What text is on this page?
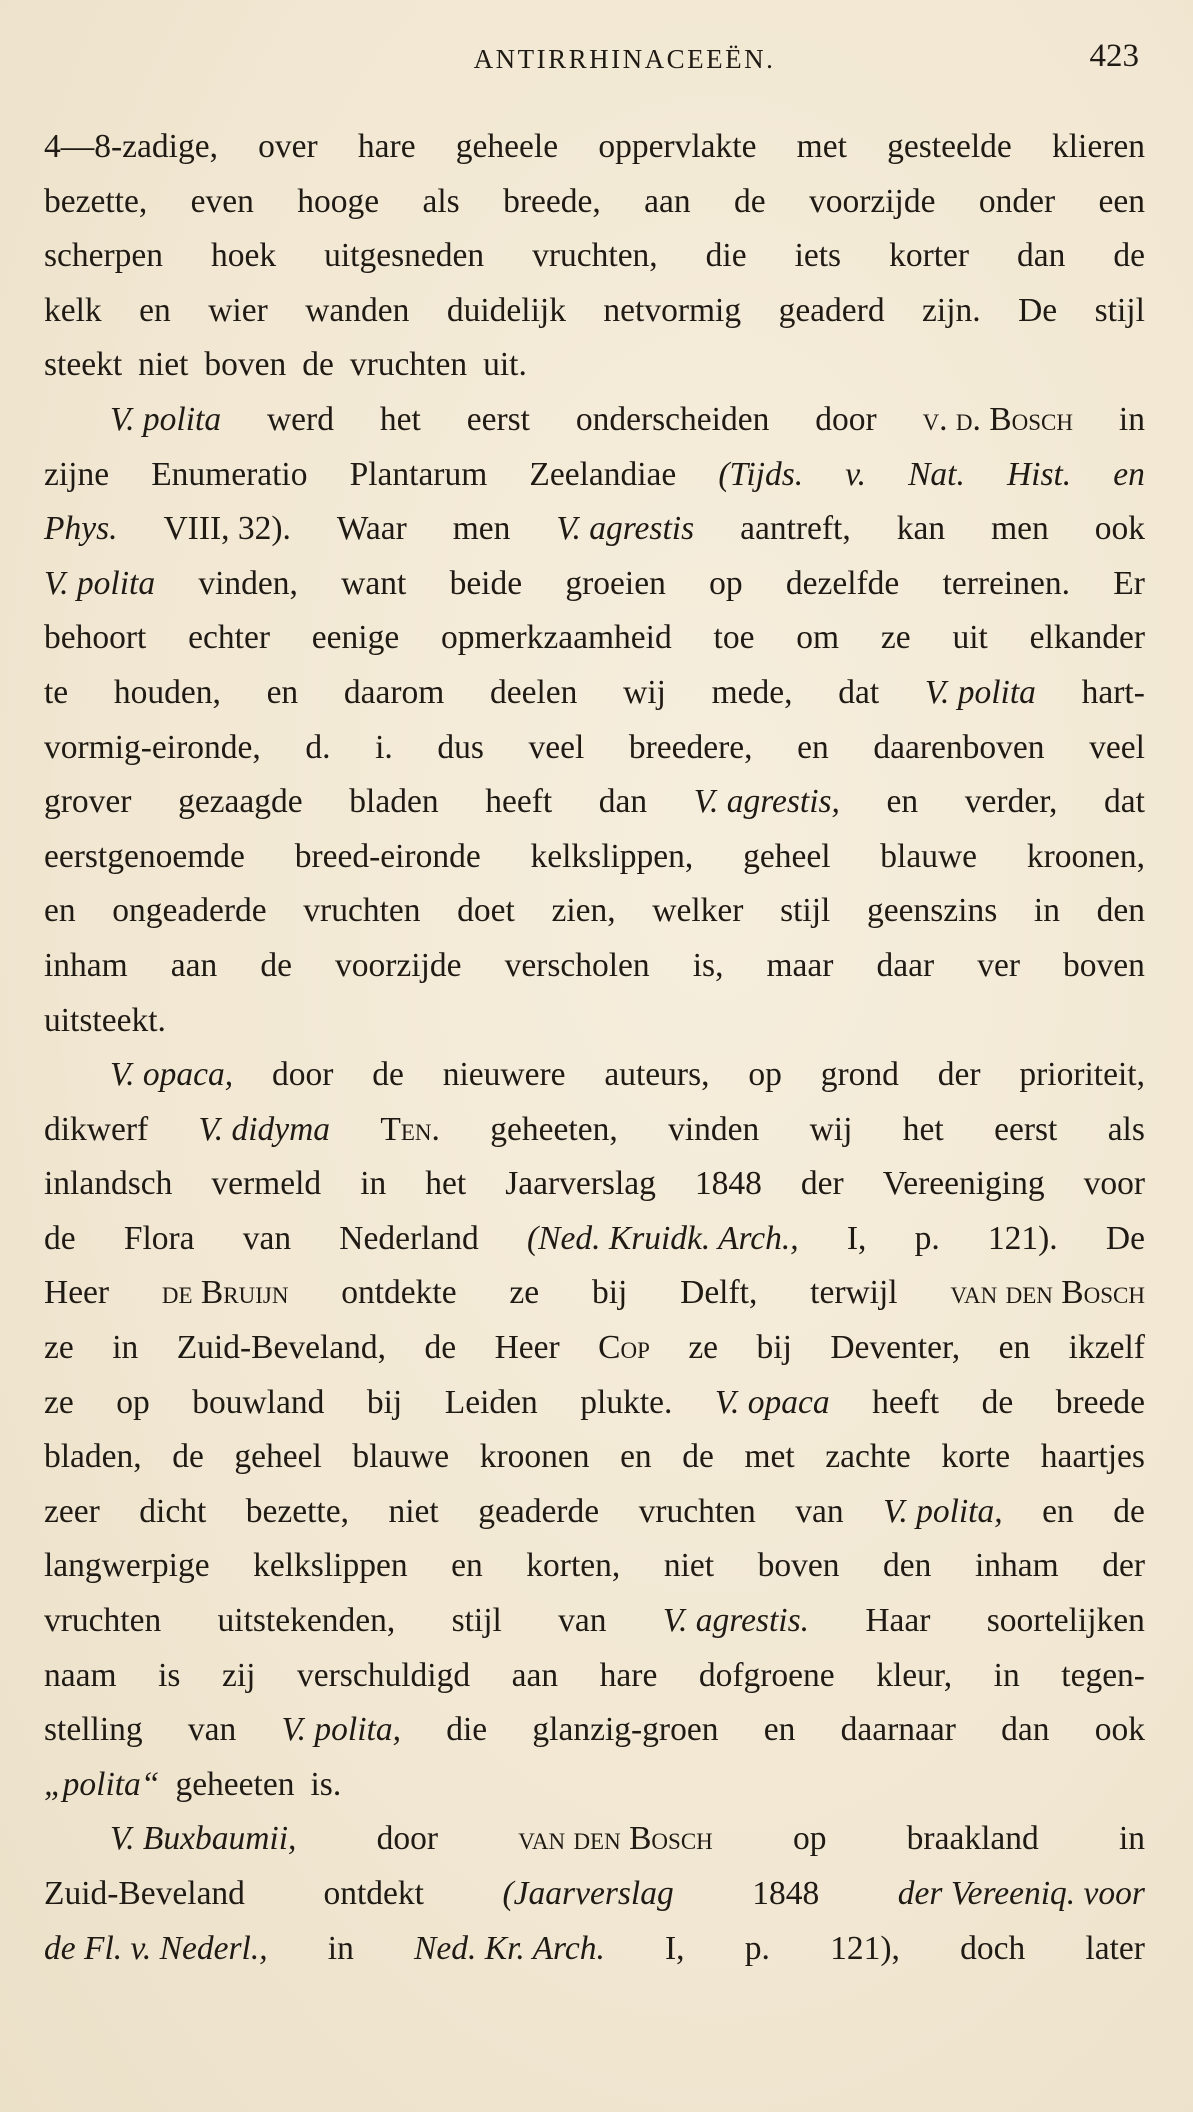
ANTIRRHINACEEËN.	423
4—8-zadige, over hare geheele oppervlakte met gesteelde klieren
bezette, even hooge als breede, aan de voorzijde onder een
scherpen hoek uitgesneden vruchten, die iets korter dan de
kelk en wier wanden duidelijk netvormig geaderd zijn. De stijl
steekt niet boven de vruchten uit.
V. polita werd het eerst onderscheiden door v. d. Bosch in
zijne Enumeratio Plantarum Zeelandiae (Tijds. v. Nat. Hist. en
Phys. VIII, 32). Waar men V. agrestis aantreft, kan men ook
V. polita vinden, want beide groeien op dezelfde terreinen. Er
behoort echter eenige opmerkzaamheid toe om ze uit elkander
te houden, en daarom deelen wij mede, dat V. polita hart-
vormig-eironde, d. i. dus veel breedere, en daarenboven veel
grover gezaagde bladen heeft dan V. agrestis, en verder, dat
eerstgenoemde breed-eironde kelkslippen, geheel blauwe kroonen,
en ongeaderde vruchten doet zien, welker stijl geenszins in den
inham aan de voorzijde verscholen is, maar daar ver boven
uitsteekt.
V. opaca, door de nieuwere auteurs, op grond der prioriteit,
dikwerf V. didyma Ten. geheeten, vinden wij het eerst als
inlandsch vermeld in het Jaarverslag 1848 der Vereeniging voor
de Flora van Nederland (Ned. Kruidk. Arch., I, p. 121). De
Heer de Bruijn ontdekte ze bij Delft, terwijl van den Bosch
ze in Zuid-Beveland, de Heer Cop ze bij Deventer, en ikzelf
ze op bouwland bij Leiden plukte. V. opaca heeft de breede
bladen, de geheel blauwe kroonen en de met zachte korte haartjes
zeer dicht bezette, niet geaderde vruchten van V. polita, en de
langwerpige kelkslippen en korten, niet boven den inham der
vruchten uitstekenden, stijl van V. agrestis. Haar soortelijken
naam is zij verschuldigd aan hare dofgroene kleur, in tegen-
stelling van V. polita, die glanzig-groen en daarnaar dan ook
„polita“ geheeten is.
V. Buxbaumii, door van den Bosch op braakland in
Zuid-Beveland ontdekt (Jaarverslag 1848 der Vereeniq. voor
de Fl. v. Nederl., in Ned. Kr. Arch. I, p. 121), doch later
